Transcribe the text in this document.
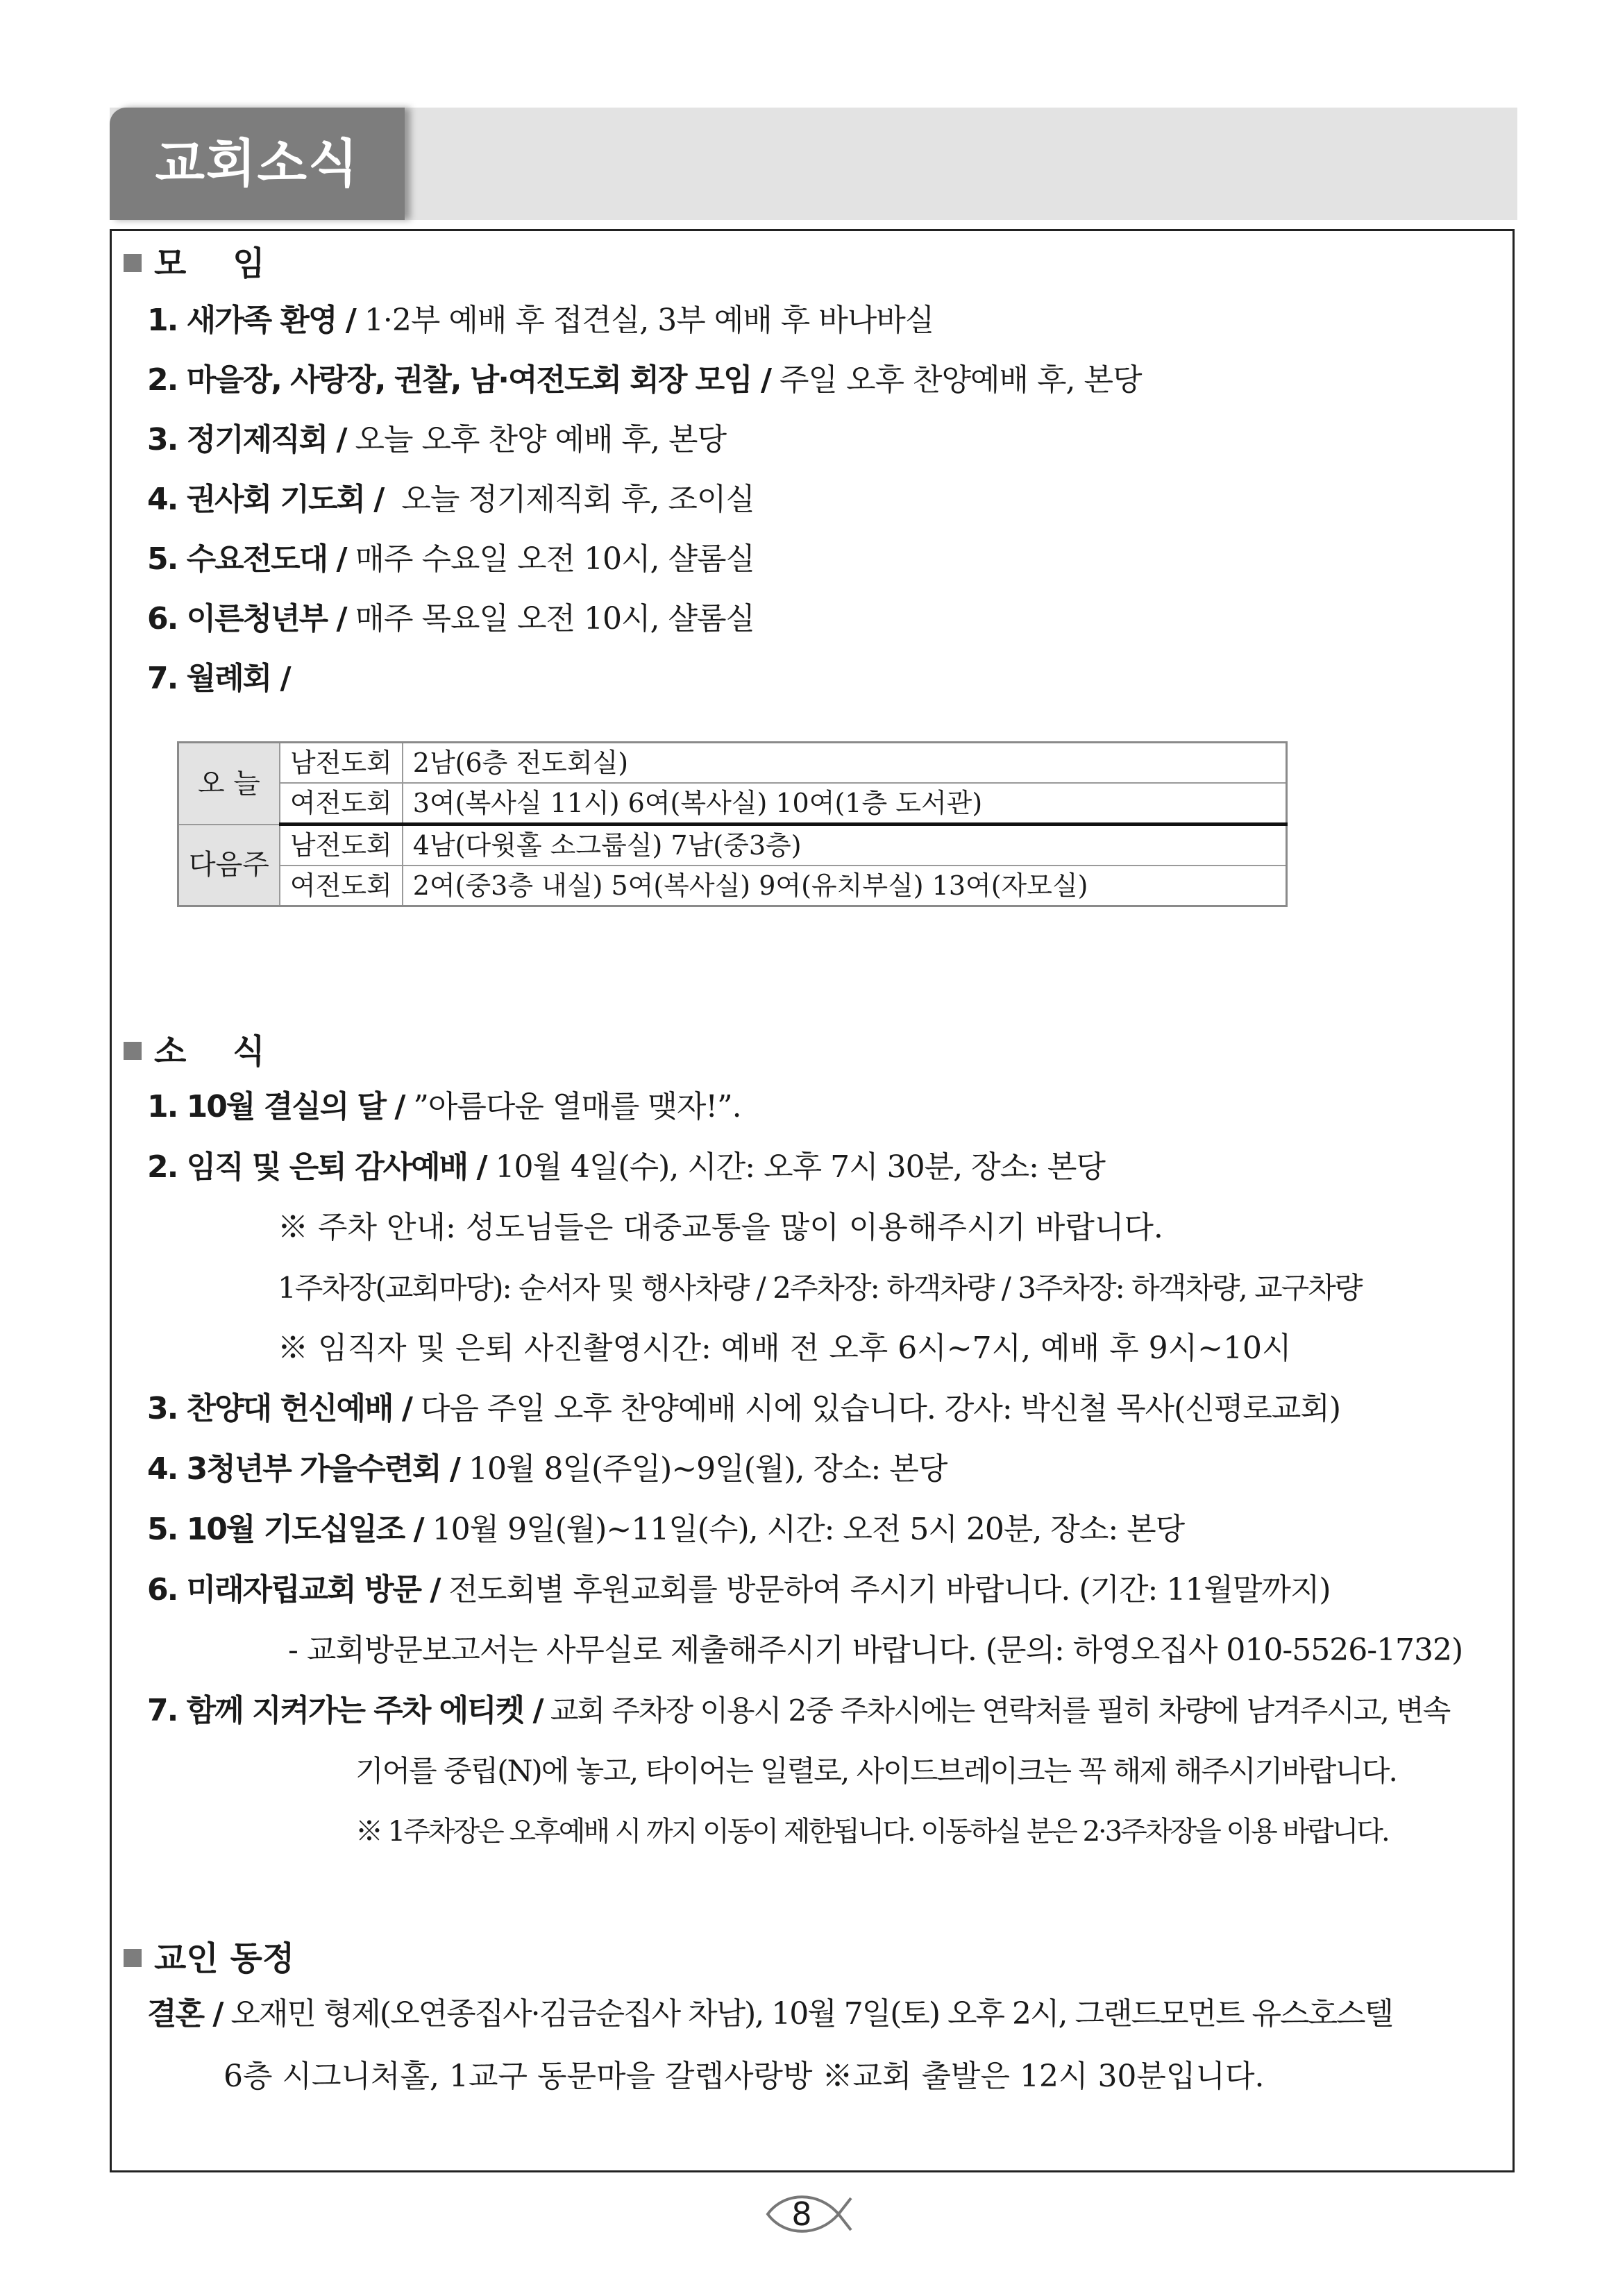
교회소식
모    임
1. 새가족 환영 / 1·2부 예배 후 접견실, 3부 예배 후 바나바실
2. 마을장, 사랑장, 권찰, 남·여전도회 회장 모임 / 주일 오후 찬양예배 후, 본당
3. 정기제직회 / 오늘 오후 찬양 예배 후, 본당
4. 권사회 기도회 /  오늘 정기제직회 후, 조이실
5. 수요전도대 / 매주 수요일 오전 10시, 샬롬실
6. 이른청년부 / 매주 목요일 오전 10시, 샬롬실
7. 월례회 /
오 늘	남전도회	2남(6층 전도회실)
	여전도회	3여(복사실 11시) 6여(복사실) 10여(1층 도서관)
다음주	남전도회	4남(다윗홀 소그룹실) 7남(중3층)
	여전도회	2여(중3층 내실) 5여(복사실) 9여(유치부실) 13여(자모실)
소    식
1. 10월 결실의 달 / ”아름다운 열매를 맺자!”.
2. 임직 및 은퇴 감사예배 / 10월 4일(수), 시간: 오후 7시 30분, 장소: 본당
※ 주차 안내: 성도님들은 대중교통을 많이 이용해주시기 바랍니다.
1주차장(교회마당): 순서자 및 행사차량 / 2주차장: 하객차량 / 3주차장: 하객차량, 교구차량
※ 임직자 및 은퇴 사진촬영시간: 예배 전 오후 6시~7시, 예배 후 9시~10시
3. 찬양대 헌신예배 / 다음 주일 오후 찬양예배 시에 있습니다. 강사: 박신철 목사(신평로교회)
4. 3청년부 가을수련회 / 10월 8일(주일)~9일(월), 장소: 본당
5. 10월 기도십일조 / 10월 9일(월)~11일(수), 시간: 오전 5시 20분, 장소: 본당
6. 미래자립교회 방문 / 전도회별 후원교회를 방문하여 주시기 바랍니다. (기간: 11월말까지)
- 교회방문보고서는 사무실로 제출해주시기 바랍니다. (문의: 하영오집사 010-5526-1732)
7. 함께 지켜가는 주차 에티켓 / 교회 주차장 이용시 2중 주차시에는 연락처를 필히 차량에 남겨주시고, 변속
기어를 중립(N)에 놓고, 타이어는 일렬로, 사이드브레이크는 꼭 해제 해주시기바랍니다.
※ 1주차장은 오후예배 시 까지 이동이 제한됩니다. 이동하실 분은 2·3주차장을 이용 바랍니다.
교인 동정
결혼 / 오재민 형제(오연종집사·김금순집사 차남), 10월 7일(토) 오후 2시, 그랜드모먼트 유스호스텔
6층 시그니처홀, 1교구 동문마을 갈렙사랑방 ※교회 출발은 12시 30분입니다.
8
